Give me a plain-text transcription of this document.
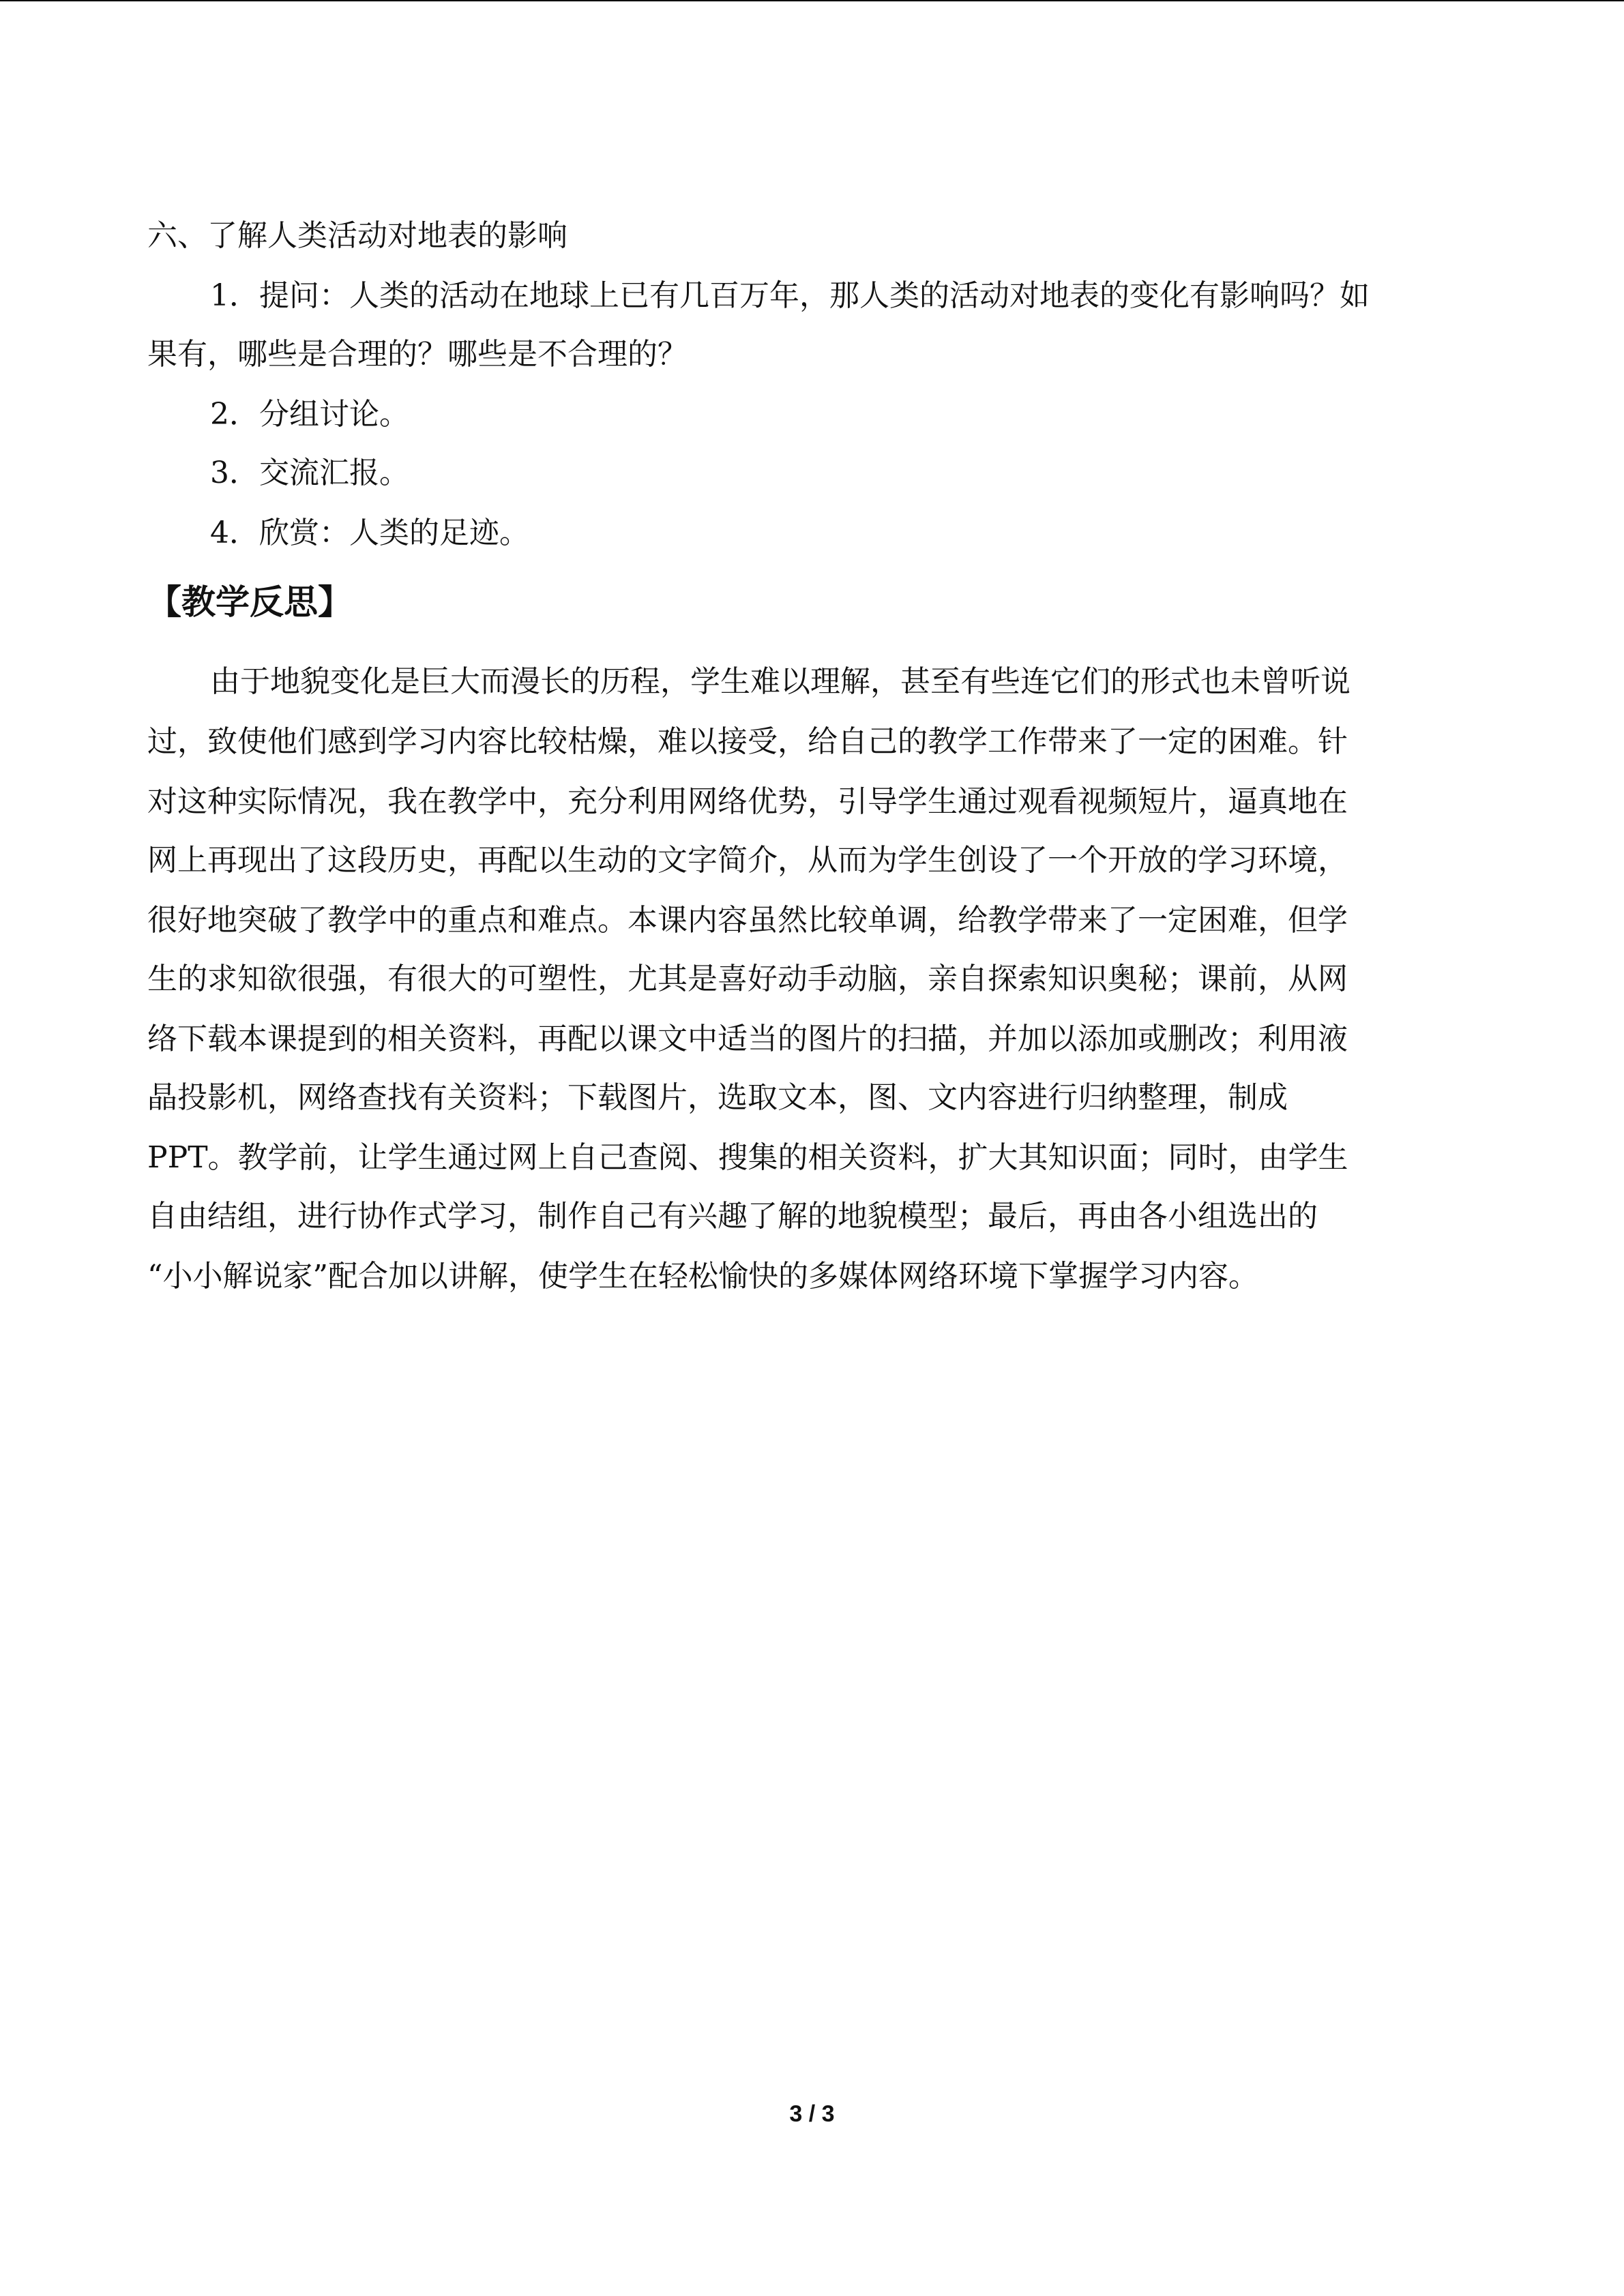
六、了解人类活动对地表的影响

1．提问：人类的活动在地球上已有几百万年，那人类的活动对地表的变化有影响吗？如

果有，哪些是合理的？哪些是不合理的？

2．分组讨论。

3．交流汇报。

4．欣赏：人类的足迹。

【教学反思】

由于地貌变化是巨大而漫长的历程，学生难以理解，甚至有些连它们的形式也未曾听说

过，致使他们感到学习内容比较枯燥，难以接受，给自己的教学工作带来了一定的困难。针

对这种实际情况，我在教学中，充分利用网络优势，引导学生通过观看视频短片，逼真地在

网上再现出了这段历史，再配以生动的文字简介，从而为学生创设了一个开放的学习环境，

很好地突破了教学中的重点和难点。本课内容虽然比较单调，给教学带来了一定困难，但学

生的求知欲很强，有很大的可塑性，尤其是喜好动手动脑，亲自探索知识奥秘；课前，从网

络下载本课提到的相关资料，再配以课文中适当的图片的扫描，并加以添加或删改；利用液

晶投影机，网络查找有关资料；下载图片，选取文本，图、文内容进行归纳整理，制成

PPT。教学前，让学生通过网上自己查阅、搜集的相关资料，扩大其知识面；同时，由学生

自由结组，进行协作式学习，制作自己有兴趣了解的地貌模型；最后，再由各小组选出的

“小小解说家”配合加以讲解，使学生在轻松愉快的多媒体网络环境下掌握学习内容。

3 / 3
